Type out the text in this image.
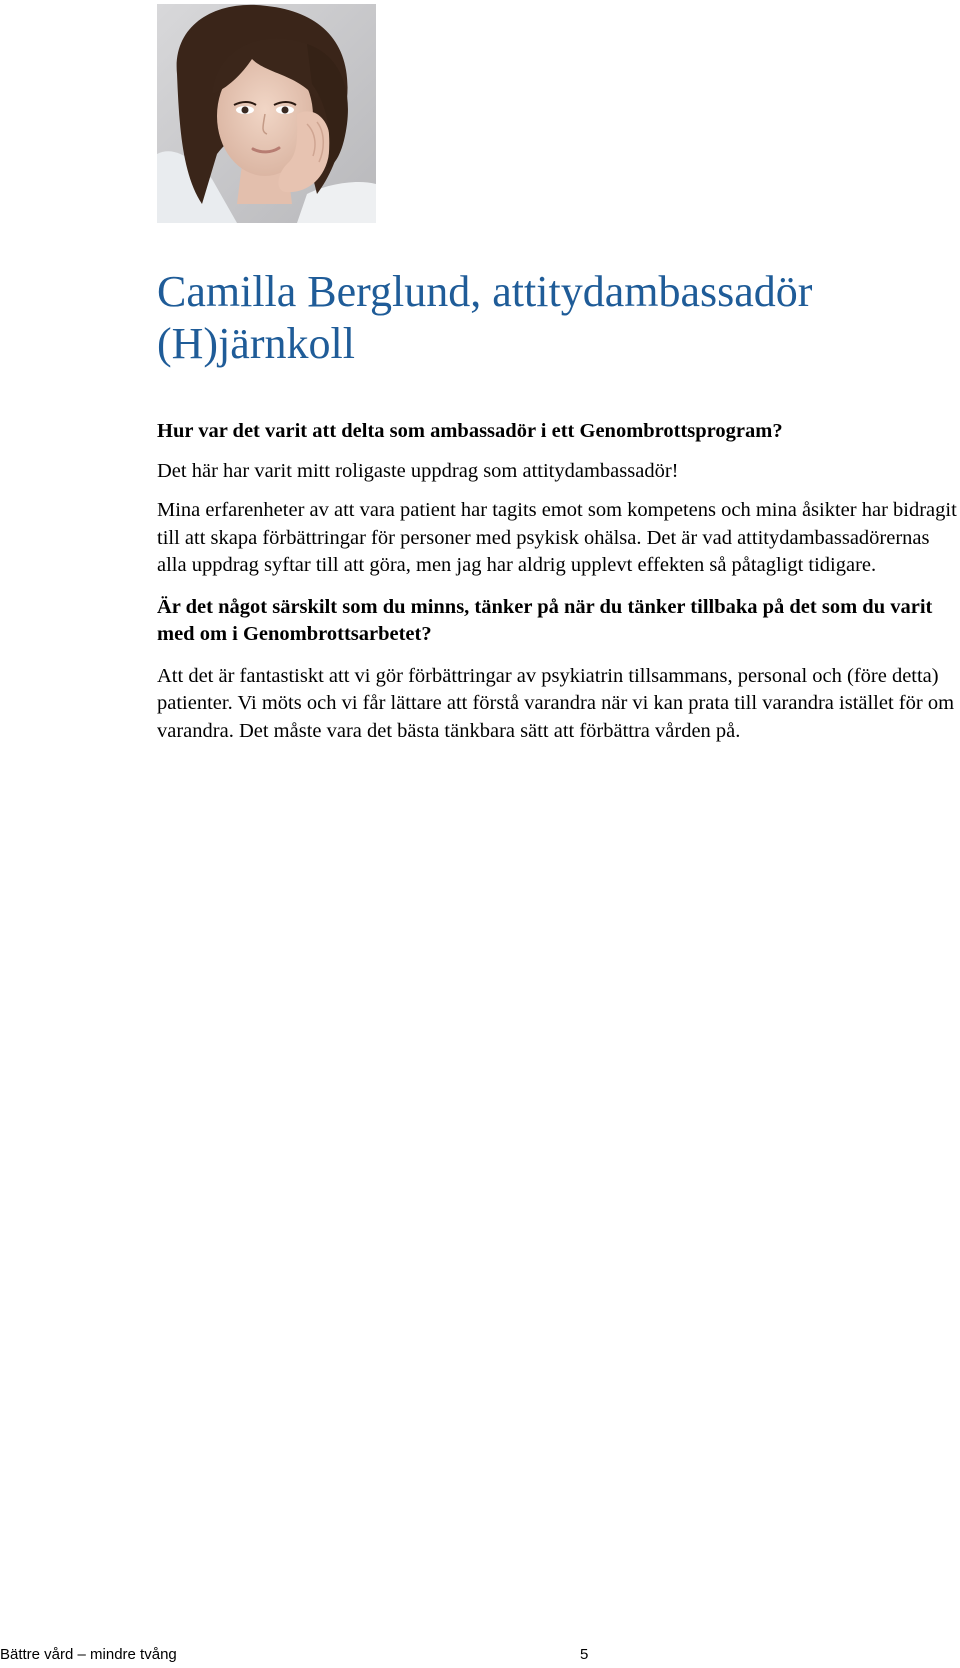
Camilla Berglund, attitydambassadör (H)järnkoll

Hur var det varit att delta som ambassadör i ett Genombrottsprogram?

Det här har varit mitt roligaste uppdrag som attitydambassadör!

Mina erfarenheter av att vara patient har tagits emot som kompetens och mina åsikter har bidragit till att skapa förbättringar för personer med psykisk ohälsa. Det är vad attitydambassadörernas alla uppdrag syftar till att göra, men jag har aldrig upplevt effekten så påtagligt tidigare.

Är det något särskilt som du minns, tänker på när du tänker tillbaka på det som du varit med om i Genombrottsarbetet?

Att det är fantastiskt att vi gör förbättringar av psykiatrin tillsammans, personal och (före detta) patienter. Vi möts och vi får lättare att förstå varandra när vi kan prata till varandra istället för om varandra. Det måste vara det bästa tänkbara sätt att förbättra vården på.

Bättre vård – mindre tvång	5
